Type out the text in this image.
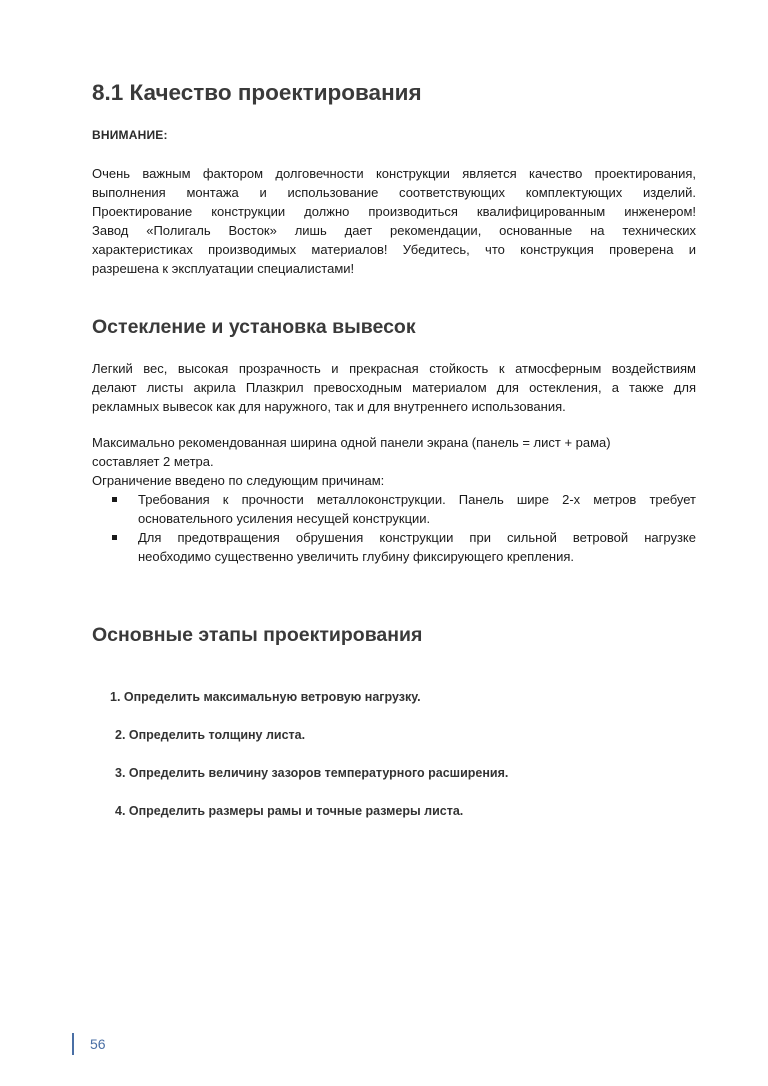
8.1 Качество проектирования
ВНИМАНИЕ:
Очень важным фактором долговечности конструкции является качество проектирования,
выполнения монтажа и использование соответствующих комплектующих изделий.
Проектирование конструкции должно производиться квалифицированным инженером!
Завод «Полигаль Восток» лишь дает рекомендации, основанные на технических
характеристиках производимых материалов! Убедитесь, что конструкция проверена и
разрешена к эксплуатации специалистами!
Остекление и установка вывесок
Легкий вес, высокая прозрачность и прекрасная стойкость к атмосферным воздействиям
делают листы акрила Плазкрил превосходным материалом для остекления, а также для
рекламных вывесок как для наружного, так и для внутреннего использования.
Максимально рекомендованная ширина одной панели экрана (панель = лист + рама)
составляет 2 метра.
Ограничение введено по следующим причинам:
Требования к прочности металлоконструкции. Панель шире 2-х метров требует
основательного усиления несущей конструкции.
Для предотвращения обрушения конструкции при сильной ветровой нагрузке
необходимо существенно увеличить глубину фиксирующего крепления.
Основные этапы проектирования
1. Определить максимальную ветровую нагрузку.
2. Определить толщину листа.
3. Определить величину зазоров температурного расширения.
4. Определить размеры рамы и точные размеры листа.
56
